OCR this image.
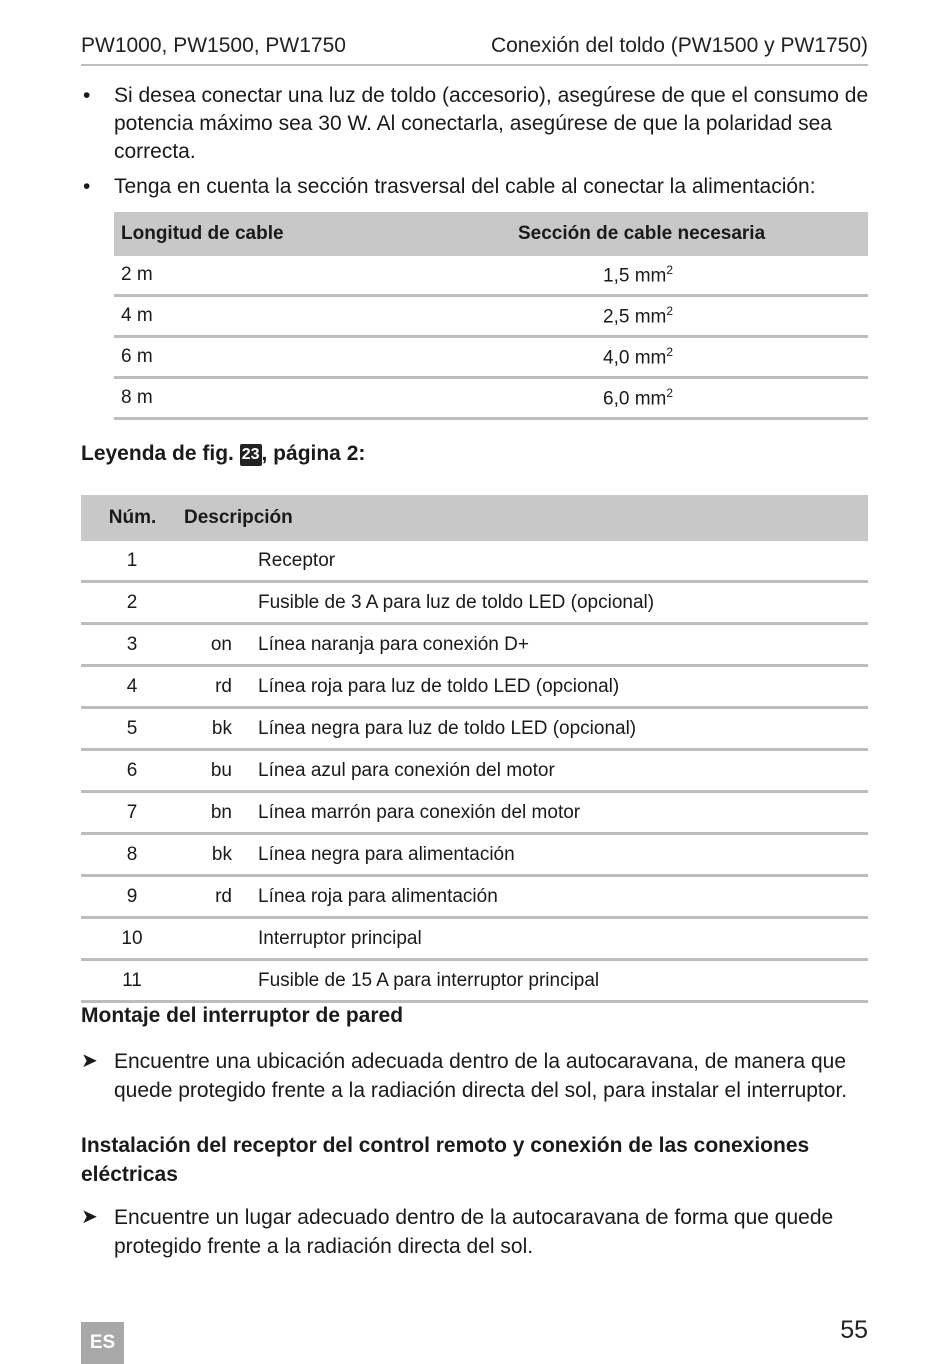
PW1000, PW1500, PW1750	Conexión del toldo (PW1500 y PW1750)
• Si desea conectar una luz de toldo (accesorio), asegúrese de que el consumo de potencia máximo sea 30 W. Al conectarla, asegúrese de que la polaridad sea correcta.
• Tenga en cuenta la sección trasversal del cable al conectar la alimentación:
Longitud de cable	Sección de cable necesaria
2 m	1,5 $mm^2$
4 m	2,5 $mm^2$
6 m	4,0 $mm^2$
8 m	6,0 $mm^2$
Leyenda de fig. 23, página 2:
Núm.	Descripción	
1		Receptor
2		Fusible de 3 A para luz de toldo LED (opcional)
3	on	Línea naranja para conexión D+
4	rd	Línea roja para luz de toldo LED (opcional)
5	bk	Línea negra para luz de toldo LED (opcional)
6	bu	Línea azul para conexión del motor
7	bn	Línea marrón para conexión del motor
8	bk	Línea negra para alimentación
9	rd	Línea roja para alimentación
10		Interruptor principal
11		Fusible de 15 A para interruptor principal
Montaje del interruptor de pared
➤ Encuentre una ubicación adecuada dentro de la autocaravana, de manera que quede protegido frente a la radiación directa del sol, para instalar el interruptor.
Instalación del receptor del control remoto y conexión de las conexiones eléctricas
➤ Encuentre un lugar adecuado dentro de la autocaravana de forma que quede protegido frente a la radiación directa del sol.
ES	55
